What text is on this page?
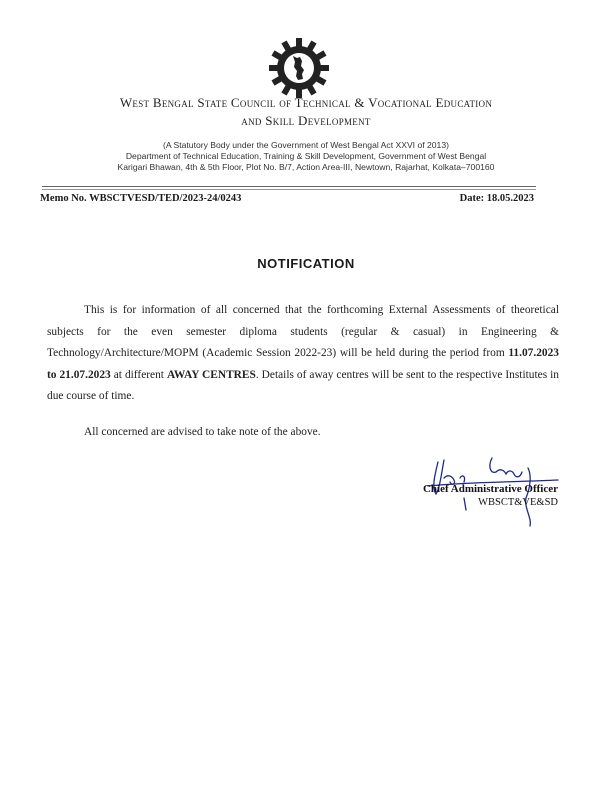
West Bengal State Council of Technical & Vocational Education
and Skill Development
(A Statutory Body under the Government of West Bengal Act XXVI of 2013)
Department of Technical Education, Training & Skill Development, Government of West Bengal
Karigari Bhawan, 4th & 5th Floor, Plot No. B/7, Action Area-III, Newtown, Rajarhat, Kolkata–700160
Memo No. WBSCTVESD/TED/2023-24/0243	Date: 18.05.2023
NOTIFICATION
This is for information of all concerned that the forthcoming External Assessments of theoretical subjects for the even semester diploma students (regular & casual) in Engineering & Technology/Architecture/MOPM (Academic Session 2022-23) will be held during the period from 11.07.2023 to 21.07.2023 at different AWAY CENTRES. Details of away centres will be sent to the respective Institutes in due course of time.
All concerned are advised to take note of the above.
Chief Administrative Officer
WBSCT&VE&SD
